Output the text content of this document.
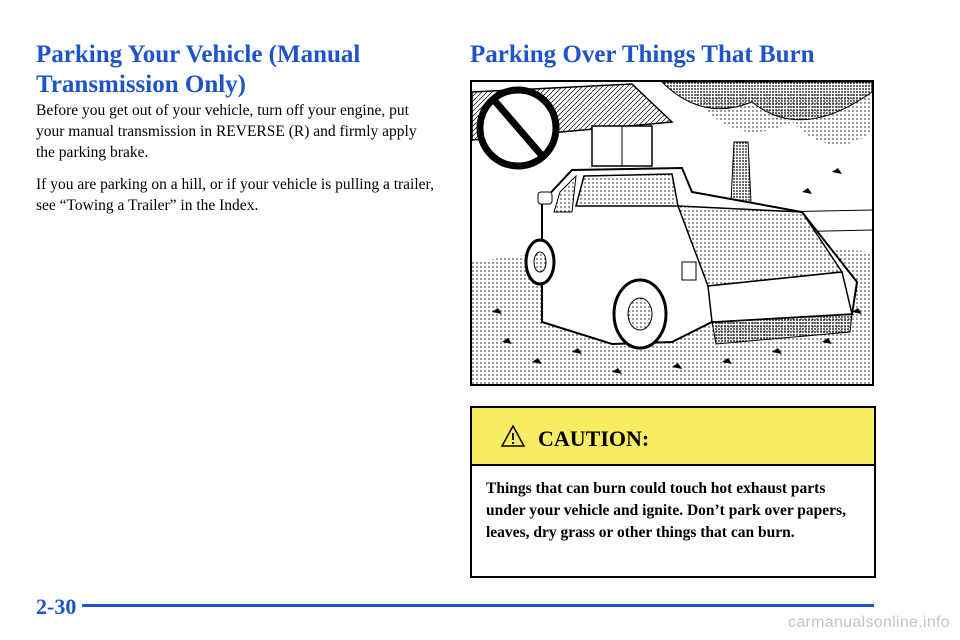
Parking Your Vehicle (Manual Transmission Only)

Before you get out of your vehicle, turn off your engine, put your manual transmission in REVERSE (R) and firmly apply the parking brake.

If you are parking on a hill, or if your vehicle is pulling a trailer, see “Towing a Trailer” in the Index.

Parking Over Things That Burn
CAUTION:

Things that can burn could touch hot exhaust parts under your vehicle and ignite. Don’t park over papers, leaves, dry grass or other things that can burn.

2-30
carmanualsonline.info
